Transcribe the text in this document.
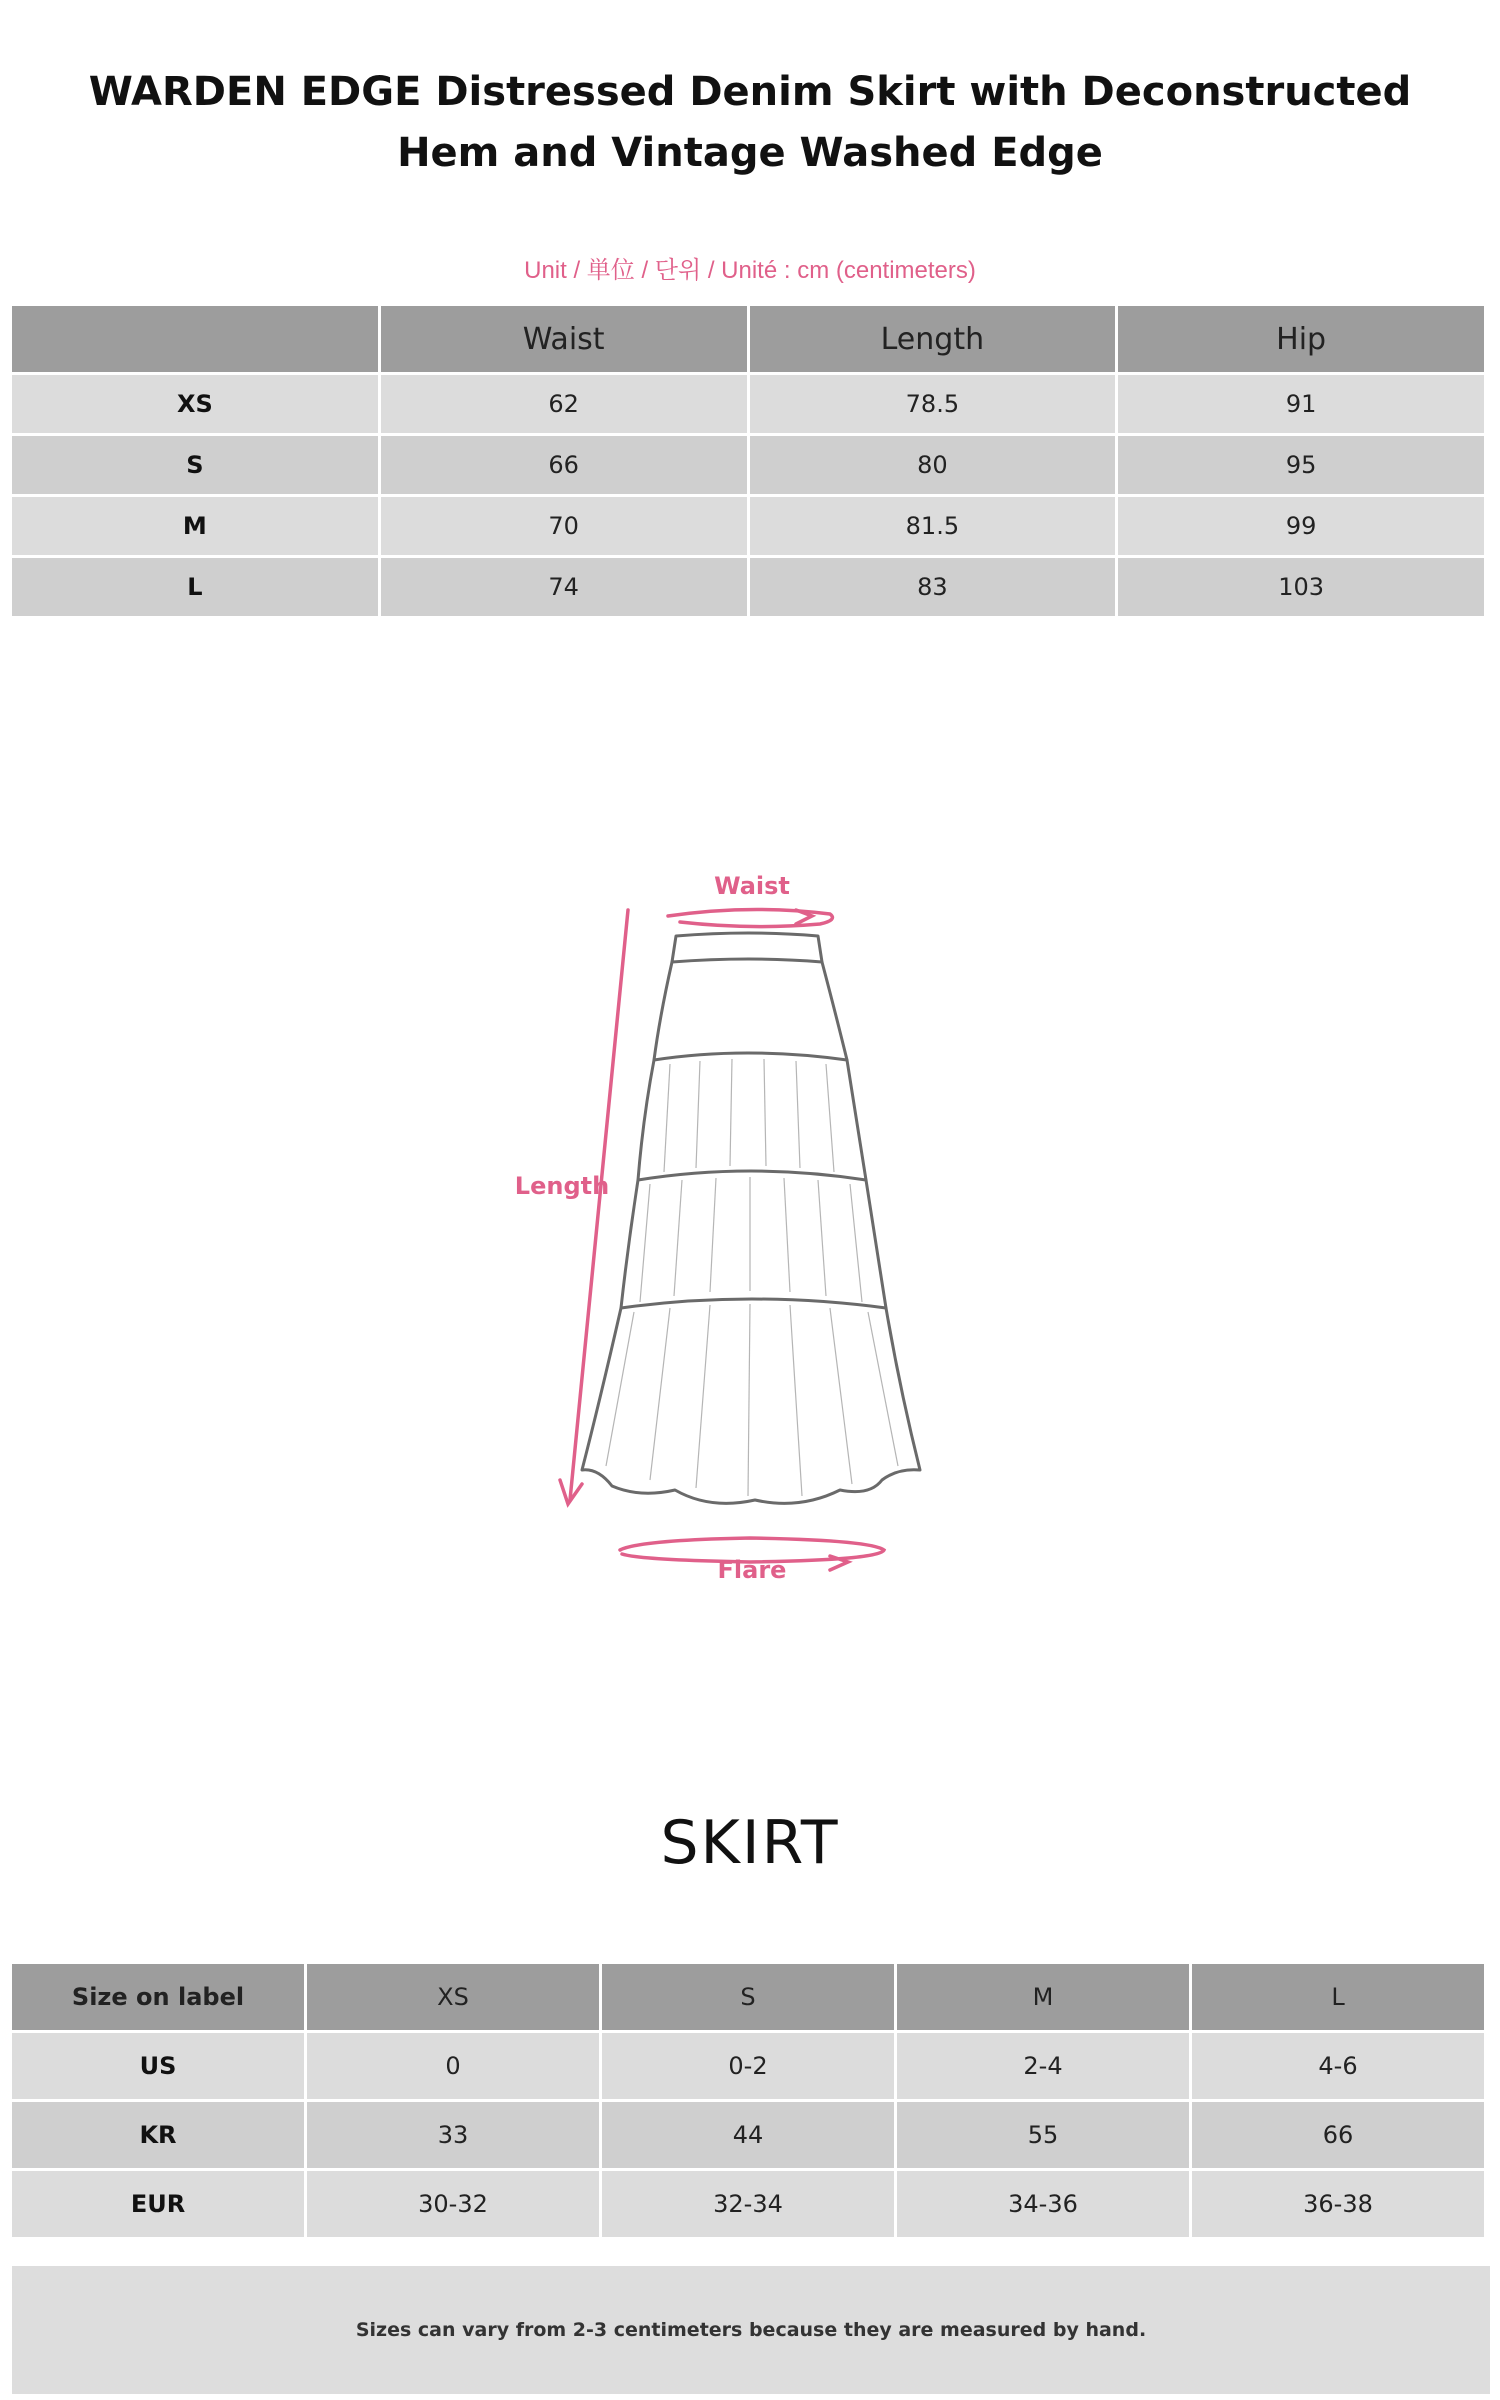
WARDEN EDGE Distressed Denim Skirt with Deconstructed Hem and Vintage Washed Edge
Unit / 単位 / 단위 / Unité : cm (centimeters)
	Waist	Length	Hip
XS	62	78.5	91
S	66	80	95
M	70	81.5	99
L	74	83	103
Waist
Length
Flare
SKIRT
Size on label	XS	S	M	L
US	0	0-2	2-4	4-6
KR	33	44	55	66
EUR	30-32	32-34	34-36	36-38
Sizes can vary from 2-3 centimeters because they are measured by hand.
